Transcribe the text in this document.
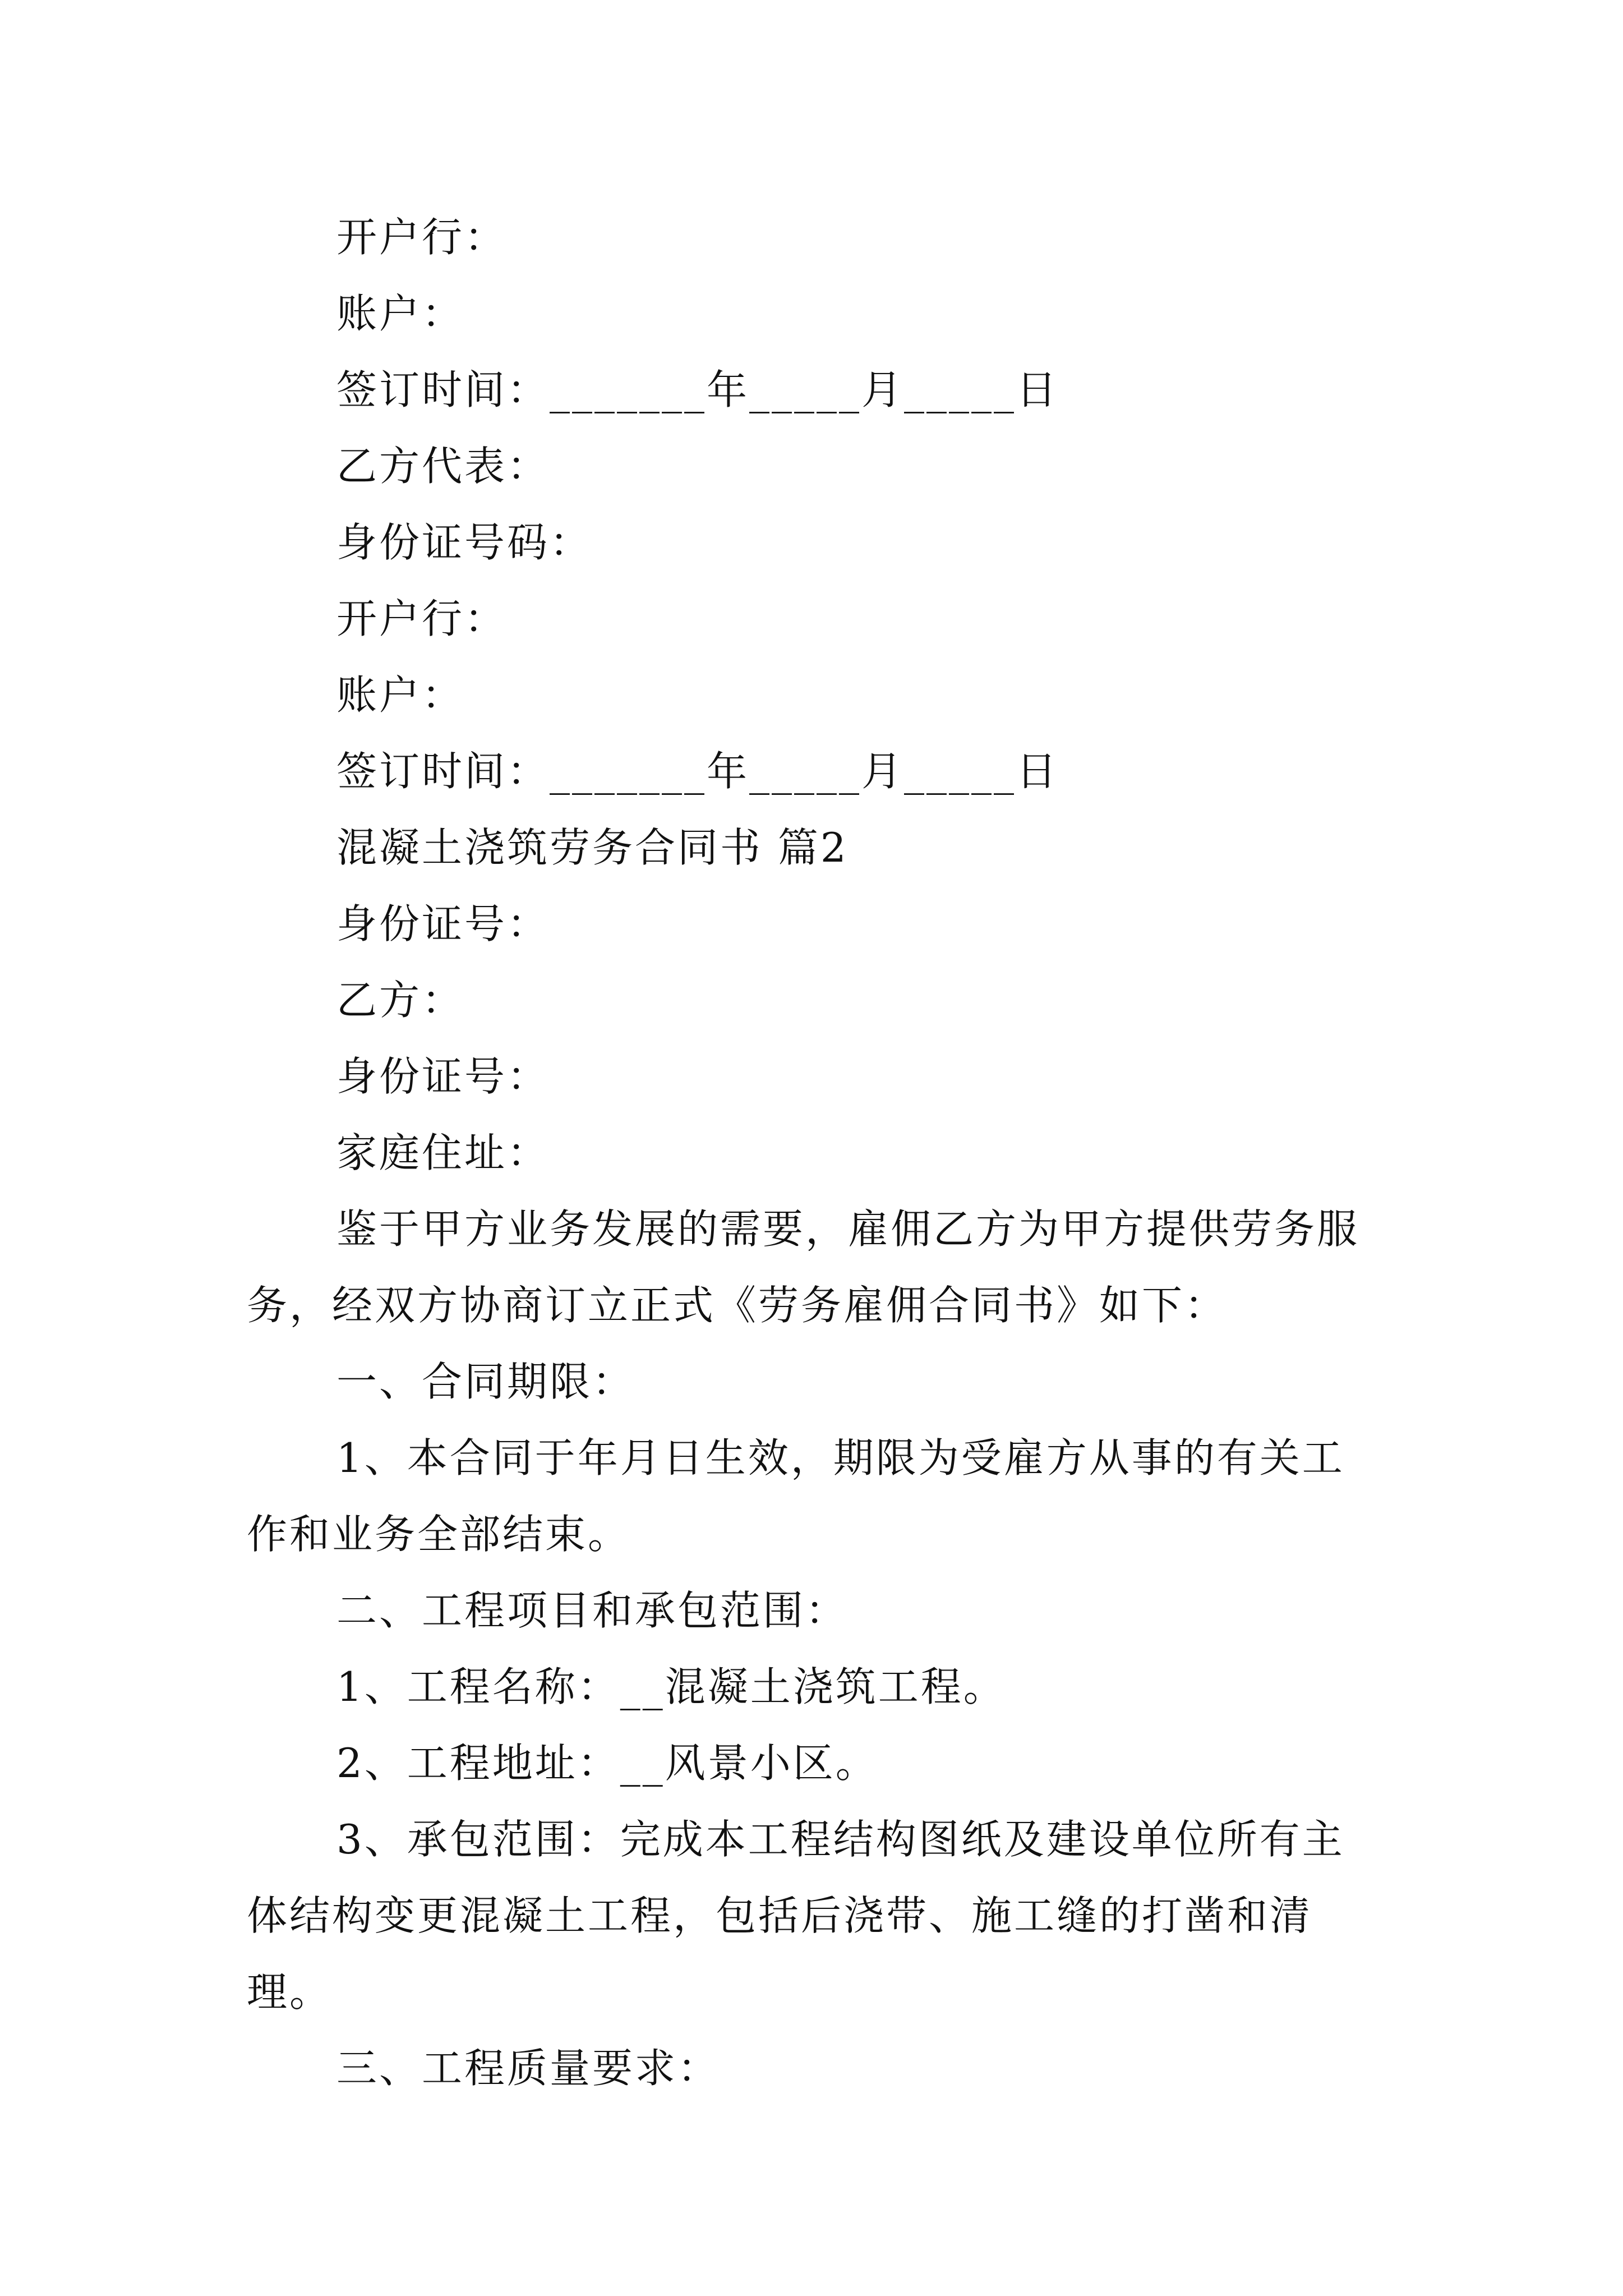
开户行：
账户：
签订时间：_______年_____月_____日
乙方代表：
身份证号码：
开户行：
账户：
签订时间：_______年_____月_____日
混凝土浇筑劳务合同书 篇2
身份证号：
乙方：
身份证号：
家庭住址：
鉴于甲方业务发展的需要，雇佣乙方为甲方提供劳务服
务，经双方协商订立正式《劳务雇佣合同书》如下：
一、合同期限：
1、本合同于年月日生效，期限为受雇方从事的有关工
作和业务全部结束。
二、工程项目和承包范围：
1、工程名称：__混凝土浇筑工程。
2、工程地址：__风景小区。
3、承包范围：完成本工程结构图纸及建设单位所有主
体结构变更混凝土工程，包括后浇带、施工缝的打凿和清理。
三、工程质量要求：
